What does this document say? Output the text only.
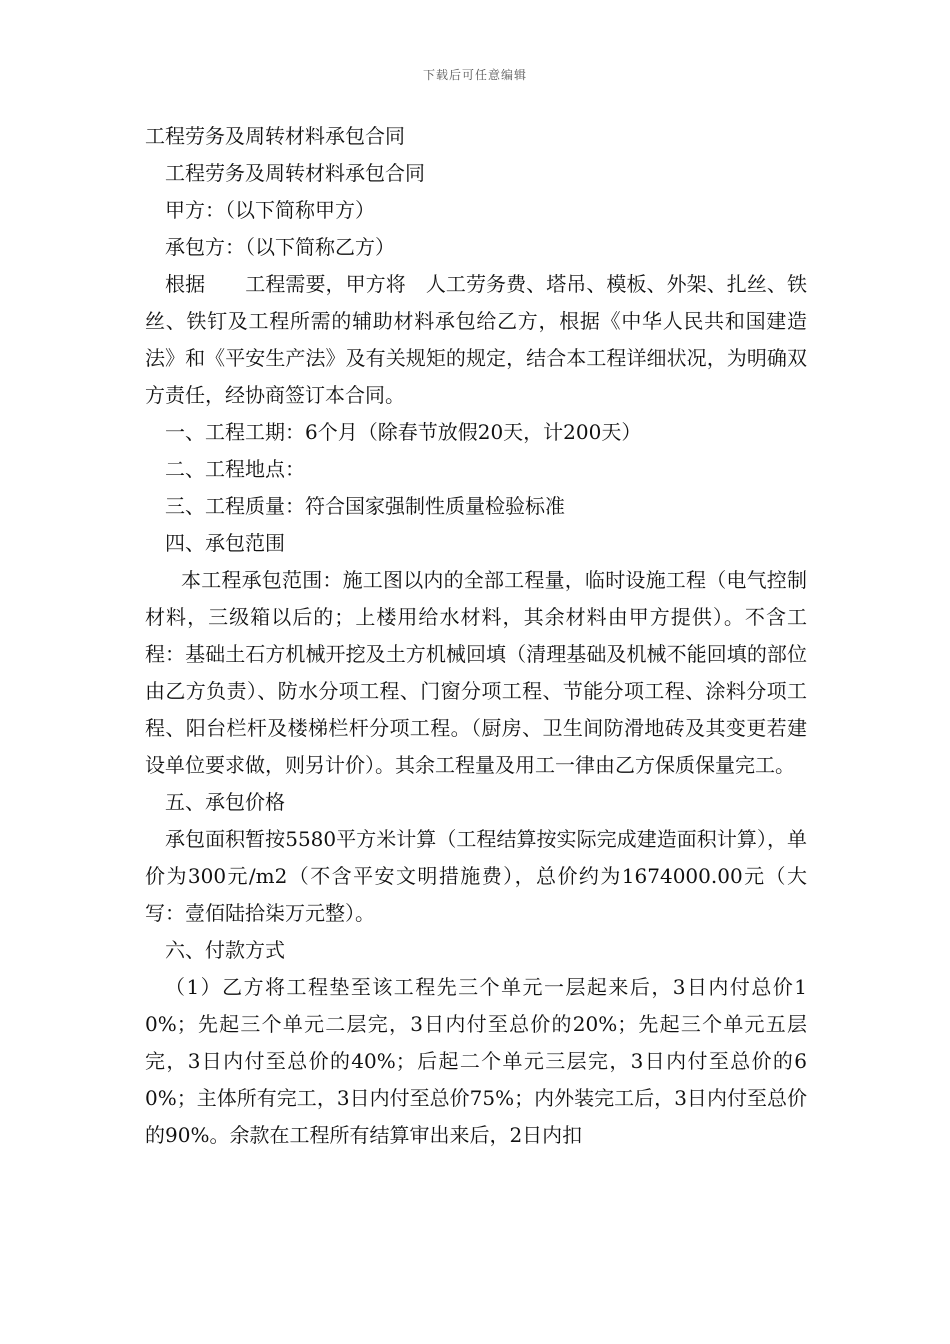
下载后可任意编辑

工程劳务及周转材料承包合同

工程劳务及周转材料承包合同

甲方：（以下简称甲方）

承包方：（以下简称乙方）

根据　　工程需要，甲方将　人工劳务费、塔吊、模板、外架、扎丝、铁丝、铁钉及工程所需的辅助材料承包给乙方，根据《中华人民共和国建造法》和《平安生产法》及有关规矩的规定，结合本工程详细状况，为明确双方责任，经协商签订本合同。

一、工程工期：6个月（除春节放假20天，计200天）

二、工程地点：

三、工程质量：符合国家强制性质量检验标准

四、承包范围

本工程承包范围：施工图以内的全部工程量，临时设施工程（电气控制材料，三级箱以后的；上楼用给水材料，其余材料由甲方提供）。不含工程：基础土石方机械开挖及土方机械回填（清理基础及机械不能回填的部位由乙方负责）、防水分项工程、门窗分项工程、节能分项工程、涂料分项工程、阳台栏杆及楼梯栏杆分项工程。（厨房、卫生间防滑地砖及其变更若建设单位要求做，则另计价）。其余工程量及用工一律由乙方保质保量完工。

五、承包价格

承包面积暂按5580平方米计算（工程结算按实际完成建造面积计算），单价为300元/m2（不含平安文明措施费），总价约为1674000.00元（大写：壹佰陆拾柒万元整）。

六、付款方式

（1）乙方将工程垫至该工程先三个单元一层起来后，3日内付总价10%；先起三个单元二层完，3日内付至总价的20%；先起三个单元五层完，3日内付至总价的40%；后起二个单元三层完，3日内付至总价的60%；主体所有完工，3日内付至总价75%；内外装完工后，3日内付至总价的90%。余款在工程所有结算审出来后，2日内扣
